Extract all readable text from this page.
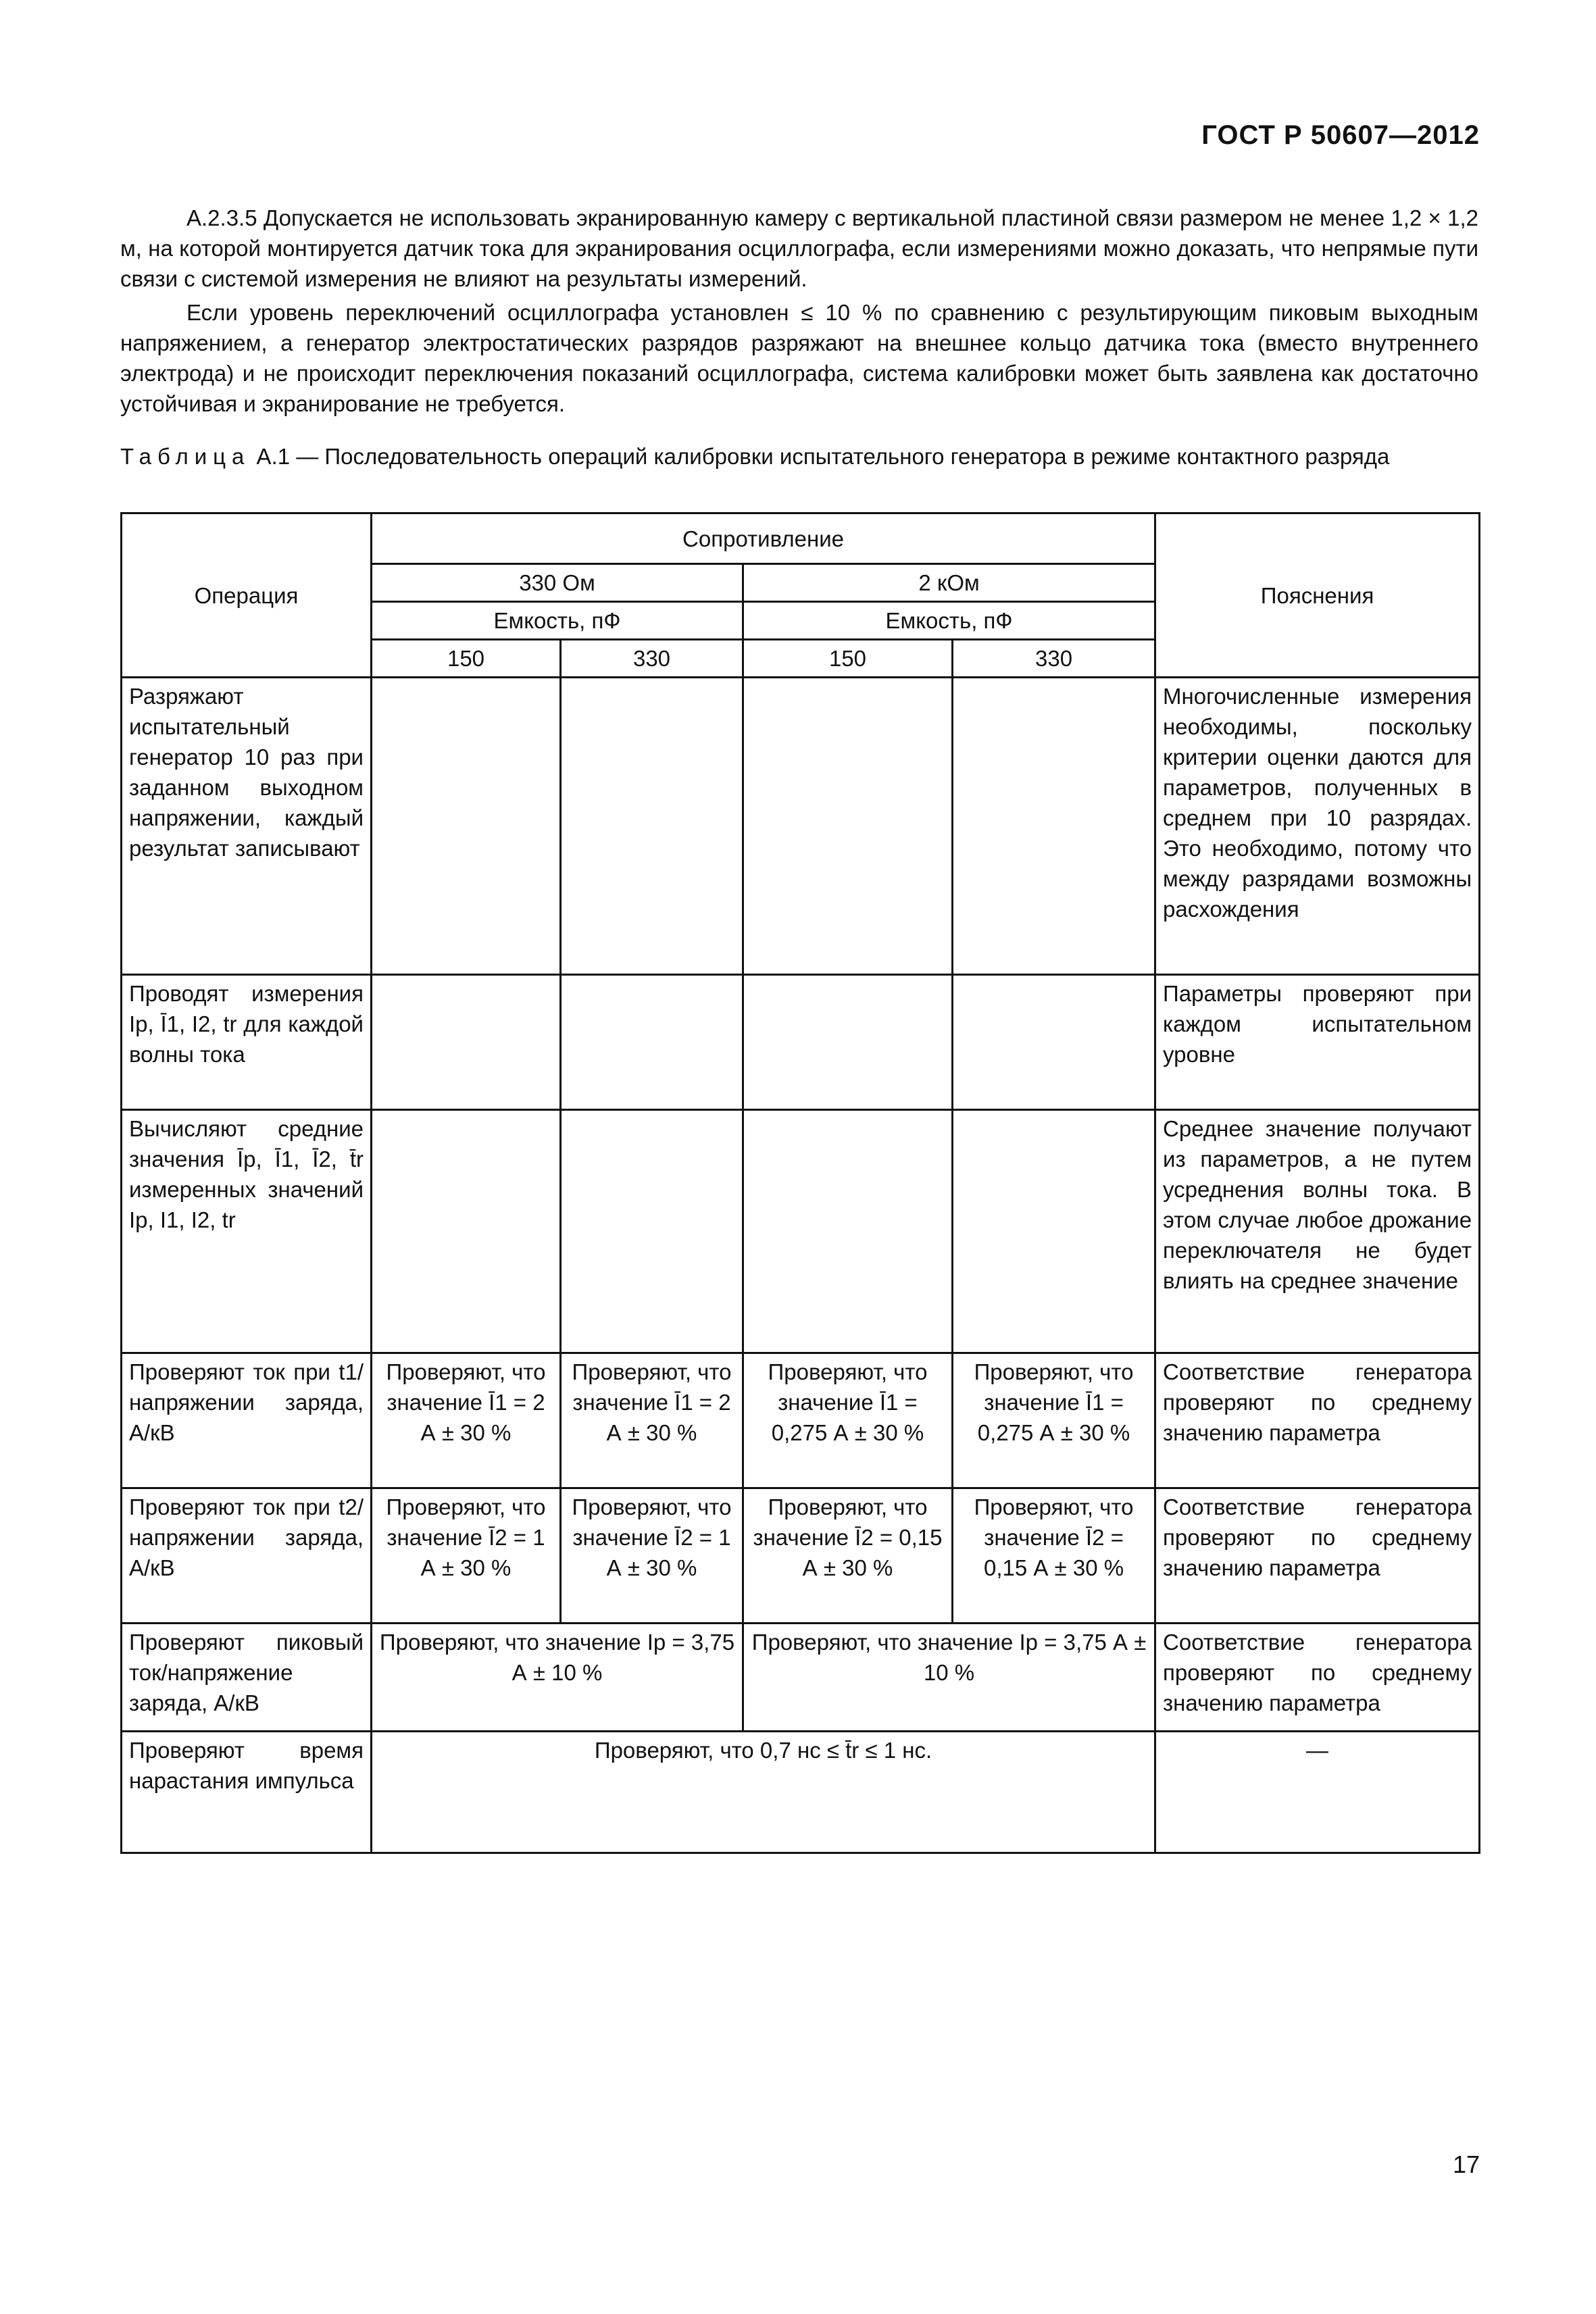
ГОСТ Р 50607—2012

А.2.3.5 Допускается не использовать экранированную камеру с вертикальной пластиной связи размером не менее 1,2 × 1,2 м, на которой монтируется датчик тока для экранирования осциллографа, если измерениями можно доказать, что непрямые пути связи с системой измерения не влияют на результаты измерений.

Если уровень переключений осциллографа установлен ≤ 10 % по сравнению с результирующим пиковым выходным напряжением, а генератор электростатических разрядов разряжают на внешнее кольцо датчика тока (вместо внутреннего электрода) и не происходит переключения показаний осциллографа, система калибровки может быть заявлена как достаточно устойчивая и экранирование не требуется.

Таблица А.1 — Последовательность операций калибровки испытательного генератора в режиме контактного разряда
Операция	Сопротивление				Пояснения
	330 Ом		2 кОм		
	Емкость, пФ		Емкость, пФ		
	150	330	150	330	
Разряжают испытательный генератор 10 раз при заданном выходном напряжении, каждый результат записывают					Многочисленные измерения необходимы, поскольку критерии оценки даются для параметров, полученных в среднем при 10 разрядах. Это необходимо, потому что между разрядами возможны расхождения
Проводят измерения Ip, Ī1, I2, tr для каждой волны тока					Параметры проверяют при каждом испытательном уровне
Вычисляют средние значения Īp, Ī1, Ī2, t̄r измеренных значений Ip, I1, I2, tr					Среднее значение получают из параметров, а не путем усреднения волны тока. В этом случае любое дрожание переключателя не будет влиять на среднее значение
Проверяют ток при t1/напряжении заряда, А/кВ	Проверяют, что значение Ī1 = 2 А ± 30 %	Проверяют, что значение Ī1 = 2 А ± 30 %	Проверяют, что значение Ī1 = 0,275 А ± 30 %	Проверяют, что значение Ī1 = 0,275 А ± 30 %	Соответствие генератора проверяют по среднему значению параметра
Проверяют ток при t2/напряжении заряда, А/кВ	Проверяют, что значение Ī2 = 1 А ± 30 %	Проверяют, что значение Ī2 = 1 А ± 30 %	Проверяют, что значение Ī2 = 0,15 А ± 30 %	Проверяют, что значение Ī2 = 0,15 А ± 30 %	Соответствие генератора проверяют по среднему значению параметра
Проверяют пиковый ток/напряжение заряда, А/кВ	Проверяют, что значение Ip = 3,75 А ± 10 %		Проверяют, что значение Ip = 3,75 А ± 10 %		Соответствие генератора проверяют по среднему значению параметра
Проверяют время нарастания импульса	Проверяют, что 0,7 нс ≤ t̄r ≤ 1 нс.				—
17
